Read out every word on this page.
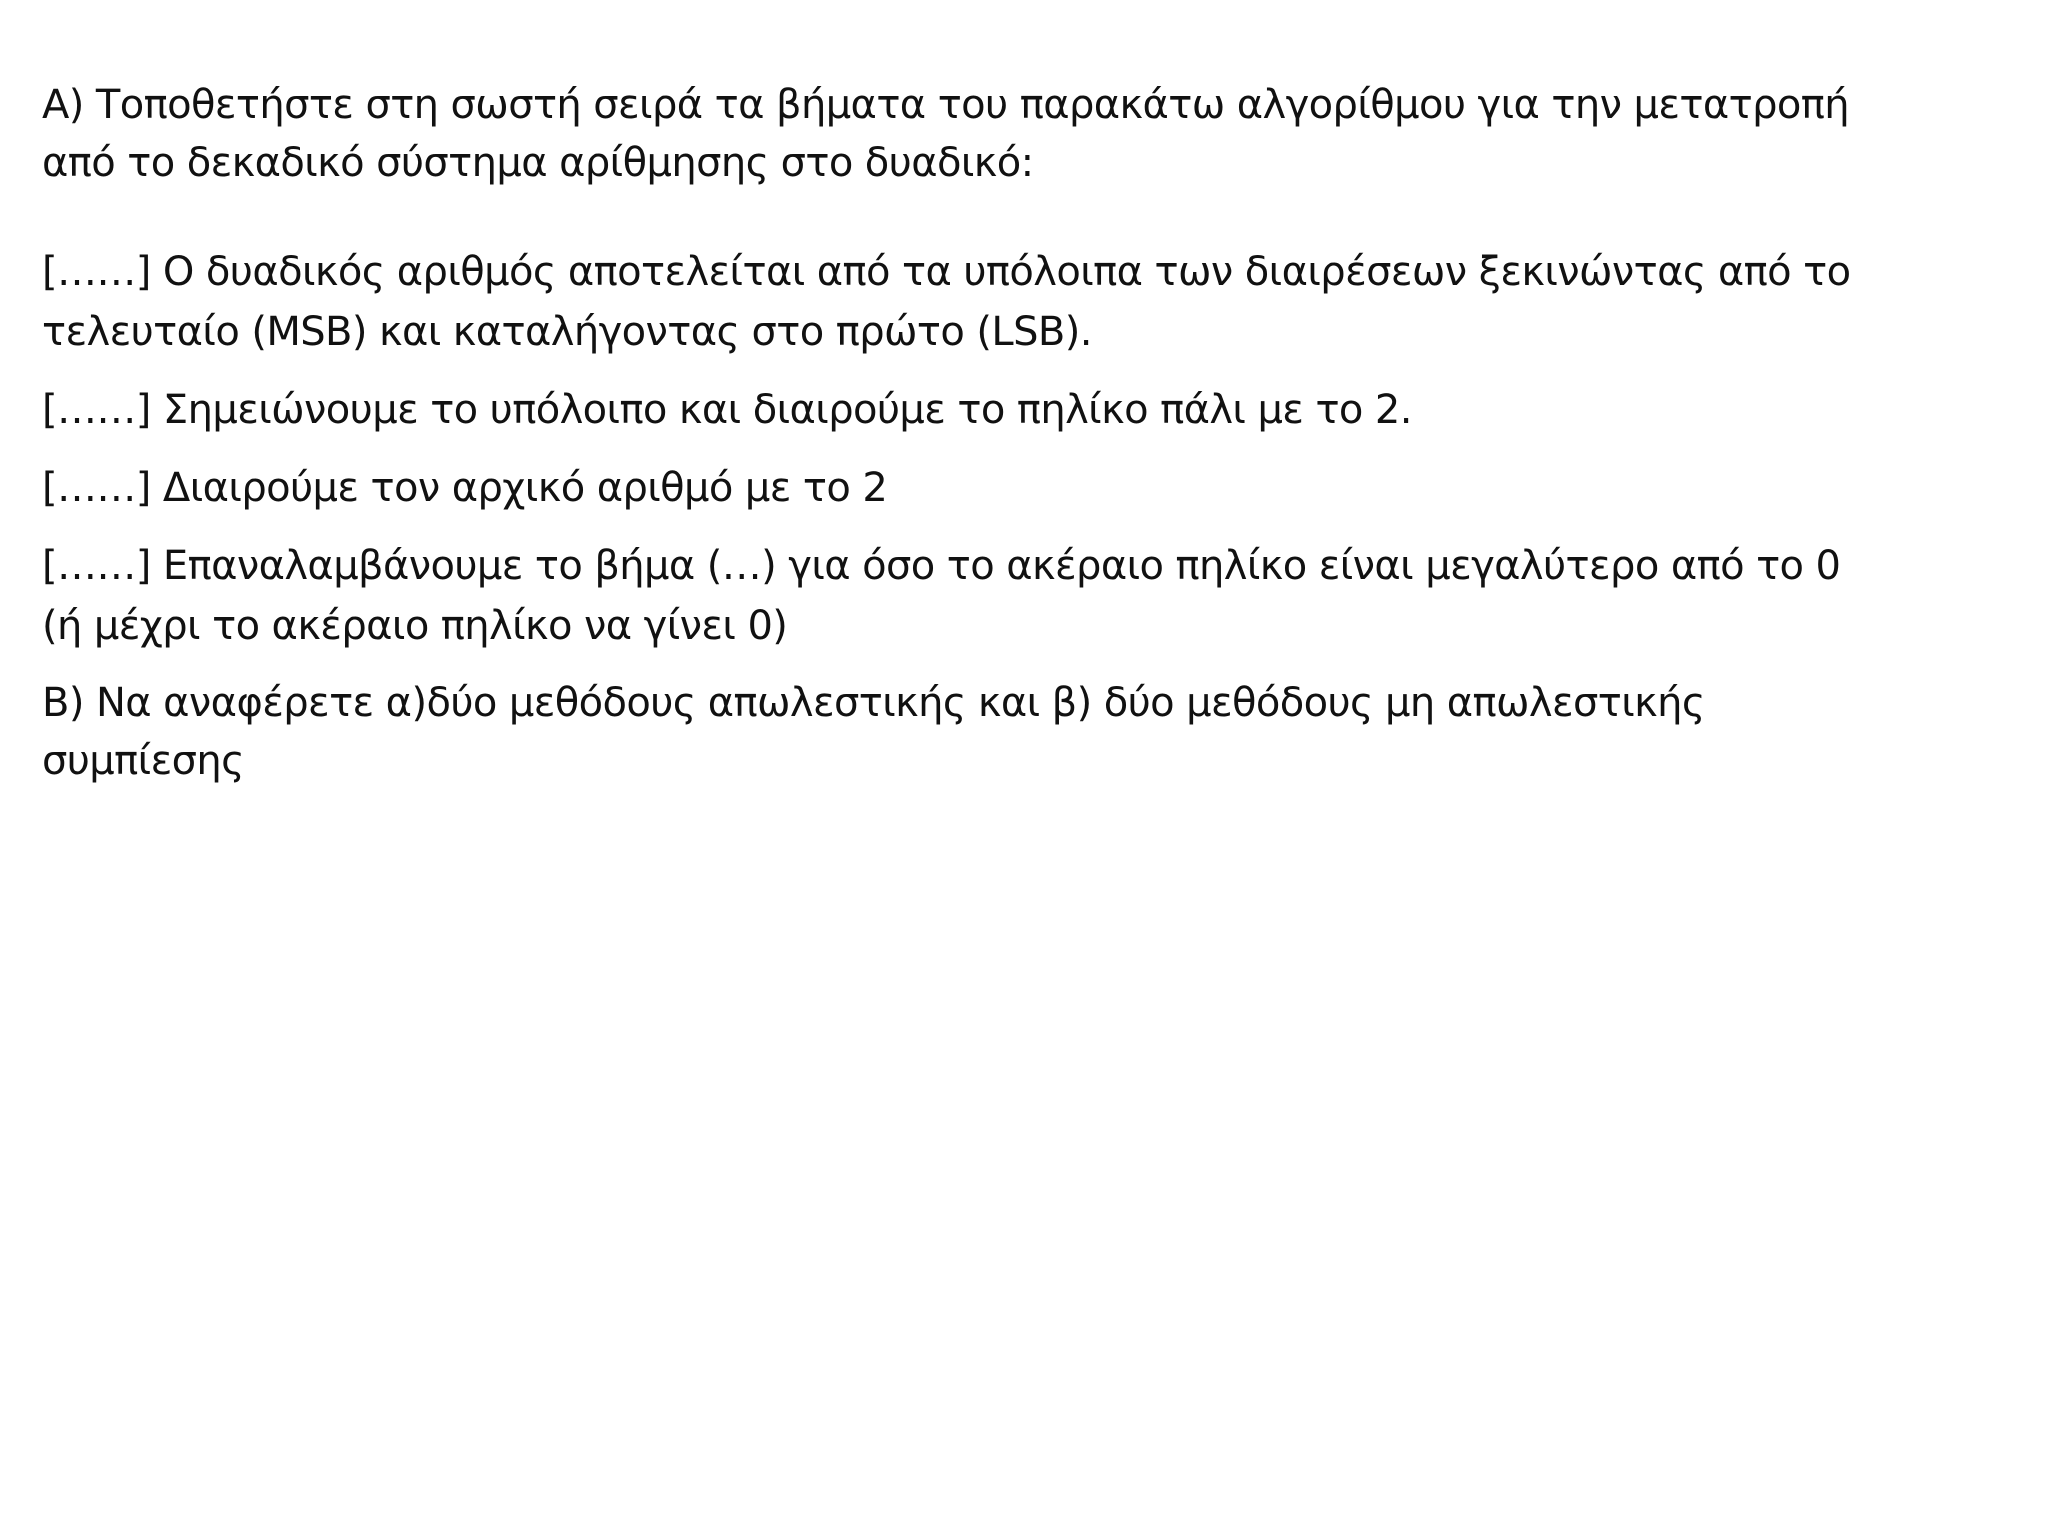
Α) Τοποθετήστε στη σωστή σειρά τα βήματα του παρακάτω αλγορίθμου για την μετατροπή
από το δεκαδικό σύστημα αρίθμησης στο δυαδικό:

[……] Ο δυαδικός αριθμός αποτελείται από τα υπόλοιπα των διαιρέσεων ξεκινώντας από το
τελευταίο (MSB) και καταλήγοντας στο πρώτο (LSB).

[……] Σημειώνουμε το υπόλοιπο και διαιρούμε το πηλίκο πάλι με το 2.

[……] Διαιρούμε τον αρχικό αριθμό με το 2

[……] Επαναλαμβάνουμε το βήμα (…) για όσο το ακέραιο πηλίκο είναι μεγαλύτερο από το 0
(ή μέχρι το ακέραιο πηλίκο να γίνει 0)

Β) Να αναφέρετε α)δύο μεθόδους απωλεστικής και β) δύο μεθόδους μη απωλεστικής
συμπίεσης
